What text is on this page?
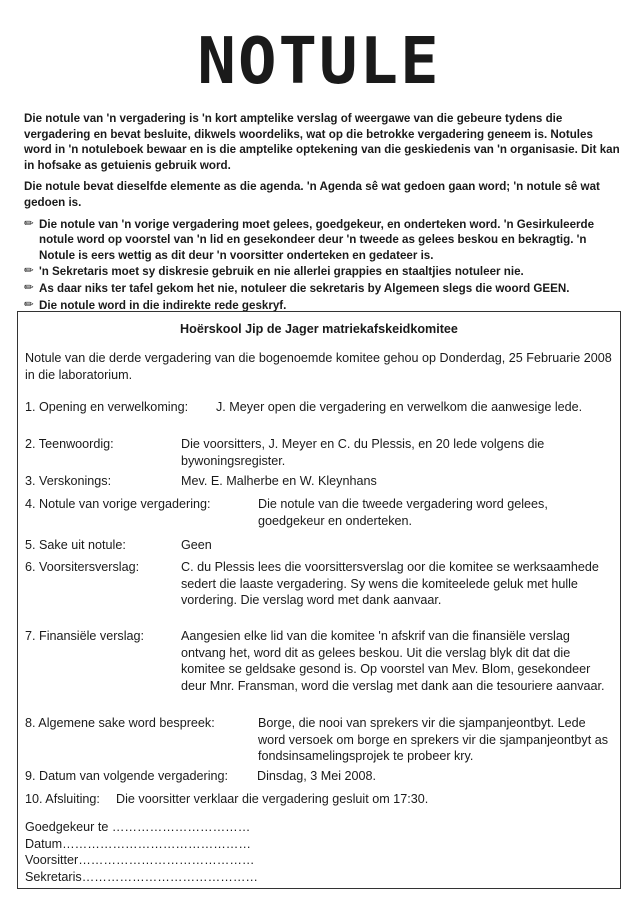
NOTULE

Die notule van 'n vergadering is 'n kort amptelike verslag of weergawe van die gebeure tydens die vergadering en bevat besluite, dikwels woordeliks, wat op die betrokke vergadering geneem is. Notules word in 'n notuleboek bewaar en is die amptelike optekening van die geskiedenis van 'n organisasie. Dit kan in hofsake as getuienis gebruik word.

Die notule bevat dieselfde elemente as die agenda. 'n Agenda sê wat gedoen gaan word; 'n notule sê wat gedoen is.

✏ Die notule van 'n vorige vergadering moet gelees, goedgekeur, en onderteken word. 'n Gesirkuleerde notule word op voorstel van 'n lid en gesekondeer deur 'n tweede as gelees beskou en bekragtig. 'n Notule is eers wettig as dit deur 'n voorsitter onderteken en gedateer is.
✏ 'n Sekretaris moet sy diskresie gebruik en nie allerlei grappies en staaltjies notuleer nie.
✏ As daar niks ter tafel gekom het nie, notuleer die sekretaris by Algemeen slegs die woord GEEN.
✏ Die notule word in die indirekte rede geskryf.
Hoërskool Jip de Jager matriekafskeidkomitee
Notule van die derde vergadering van die bogenoemde komitee gehou op Donderdag, 25 Februarie 2008 in die laboratorium.
1. Opening en verwelkoming: J. Meyer open die vergadering en verwelkom die aanwesige lede.
2. Teenwoordig:	Die voorsitters, J. Meyer en C. du Plessis, en 20 lede volgens die bywoningsregister.
3. Verskonings:	Mev. E. Malherbe en W. Kleynhans
4. Notule van vorige vergadering:	Die notule van die tweede vergadering word gelees, goedgekeur en onderteken.
5. Sake uit notule:	Geen
6. Voorsitersverslag:	C. du Plessis lees die voorsittersverslag oor die komitee se werksaamhede sedert die laaste vergadering. Sy wens die komiteelede geluk met hulle vordering. Die verslag word met dank aanvaar.
7. Finansiële verslag:	Aangesien elke lid van die komitee 'n afskrif van die finansiële verslag ontvang het, word dit as gelees beskou. Uit die verslag blyk dit dat die komitee se geldsake gesond is. Op voorstel van Mev. Blom, gesekondeer deur Mnr. Fransman, word die verslag met dank aan die tesouriere aanvaar.
8. Algemene sake word bespreek:	Borge, die nooi van sprekers vir die sjampanjeontbyt. Lede word versoek om borge en sprekers vir die sjampanjeontbyt as fondsinsamelingsprojek te probeer kry.
9. Datum van volgende vergadering: Dinsdag, 3 Mei 2008.
10. Afsluiting: Die voorsitter verklaar die vergadering gesluit om 17:30.
Goedgekeur te ……………………………
Datum………………………………………
Voorsitter……………………………………
Sekretaris……………………………………
